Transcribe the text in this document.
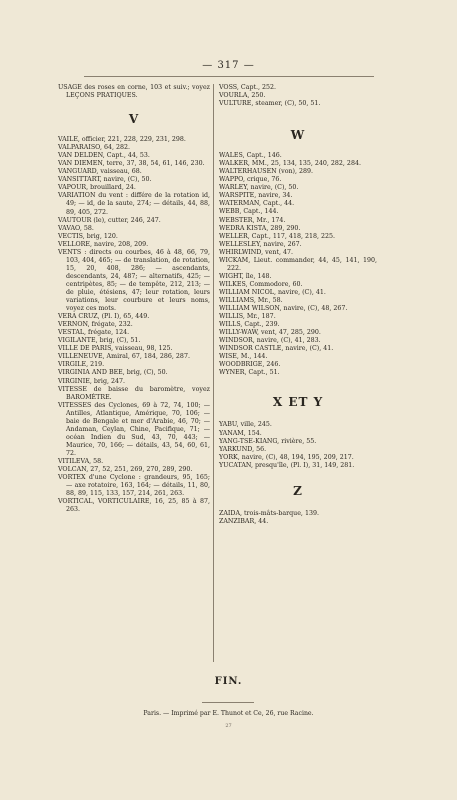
— 317 —
USAGE des roses en corne, 103 et suiv.; voyez LEÇONS PRATIQUES.
V
VAILE, officier, 221, 228, 229, 231, 298.
VALPARAISO, 64, 282.
VAN DELDEN, Capt., 44, 53.
VAN DIEMEN, terre, 37, 38, 54, 61, 146, 230.
VANGUARD, vaisseau, 68.
VANSITTART, navire, (C), 50.
VAPOUR, brouillard, 24.
VARIATION du vent : différe de la rotation id, 49; — id, de la saute, 274; — détails, 44, 88, 89, 405, 272.
VAUTOUR (le), cutter, 246, 247.
VAVAO, 58.
VECTIS, brig, 120.
VELLORE, navire, 208, 209.
VENTS : directs ou courbes, 46 à 48, 66, 79, 103, 404, 465; — de translation, de rotation, 15, 20, 408, 286; — ascendants, descendants, 24, 487; — alternatifs, 425; — centripètes, 85; — de tempête, 212, 213; — de pluie, étésiens, 47; leur rotation, leurs variations, leur courbure et leurs noms, voyez ces mots.
VERA CRUZ, (Pl. I), 65, 449.
VERNON, frégate, 232.
VESTAL, frégate, 124.
VIGILANTE, brig, (C), 51.
VILLE DE PARIS, vaisseau, 98, 125.
VILLENEUVE, Amiral, 67, 184, 286, 287.
VIRGILE, 219.
VIRGINIA AND BEE, brig, (C), 50.
VIRGINIE, brig, 247.
VITESSE de baisse du baromètre, voyez BAROMÈTRE.
VITESSES des Cyclones, 69 à 72, 74, 100; — Antilles, Atlantique, Amérique, 70, 106; — baie de Bengale et mer d'Arabie, 46, 70; — Andaman, Ceylan, Chine, Pacifique, 71; — océan Indien du Sud, 43, 70, 443; — Maurice, 70, 166; — détails, 43, 54, 60, 61, 72.
VITILEVA, 58.
VOLCAN, 27, 52, 251, 269, 270, 289, 290.
VORTEX d'une Cyclone : grandeurs, 95, 165; — axe rotatoire, 163, 164; — détails, 11, 80, 88, 89, 115, 133, 157, 214, 261, 263.
VORTICAL, VORTICULAIRE, 16, 25, 85 à 87, 263.
VOSS, Capt., 252.
VOURLA, 250.
VULTURE, steamer, (C), 50, 51.
W
WALES, Capt., 146.
WALKER, MM., 25, 134, 135, 240, 282, 284.
WALTERHAUSEN (von), 289.
WAPPO, crique, 76.
WARLEY, navire, (C), 50.
WARSPITE, navire, 34.
WATERMAN, Capt., 44.
WEBB, Capt., 144.
WEBSTER, Mr., 174.
WEDRA KISTA, 289, 290.
WELLER, Capt., 117, 418, 218, 225.
WELLESLEY, navire, 267.
WHIRLWIND, vent, 47.
WICKAM, Lieut. commander, 44, 45, 141, 190, 222.
WIGHT, île, 148.
WILKES, Commodore, 60.
WILLIAM NICOL, navire, (C), 41.
WILLIAMS, Mr., 58.
WILLIAM WILSON, navire, (C), 48, 267.
WILLIS, Mr., 187.
WILLS, Capt., 239.
WILLY-WAW, vent, 47, 285, 290.
WINDSOR, navire, (C), 41, 283.
WINDSOR CASTLE, navire, (C), 41.
WISE, M., 144.
WOODBRIGE, 246.
WYNER, Capt., 51.
X ET Y
YABU, ville, 245.
YANAM, 154.
YANG-TSE-KIANG, rivière, 55.
YARKUND, 56.
YORK, navire, (C), 48, 194, 195, 209, 217.
YUCATAN, presqu'île, (Pl. I), 31, 149, 281.
Z
ZAIDA, trois-mâts-barque, 139.
ZANZIBAR, 44.
FIN.
Paris. — Imprimé par E. Thunot et Ce, 26, rue Racine.
27
